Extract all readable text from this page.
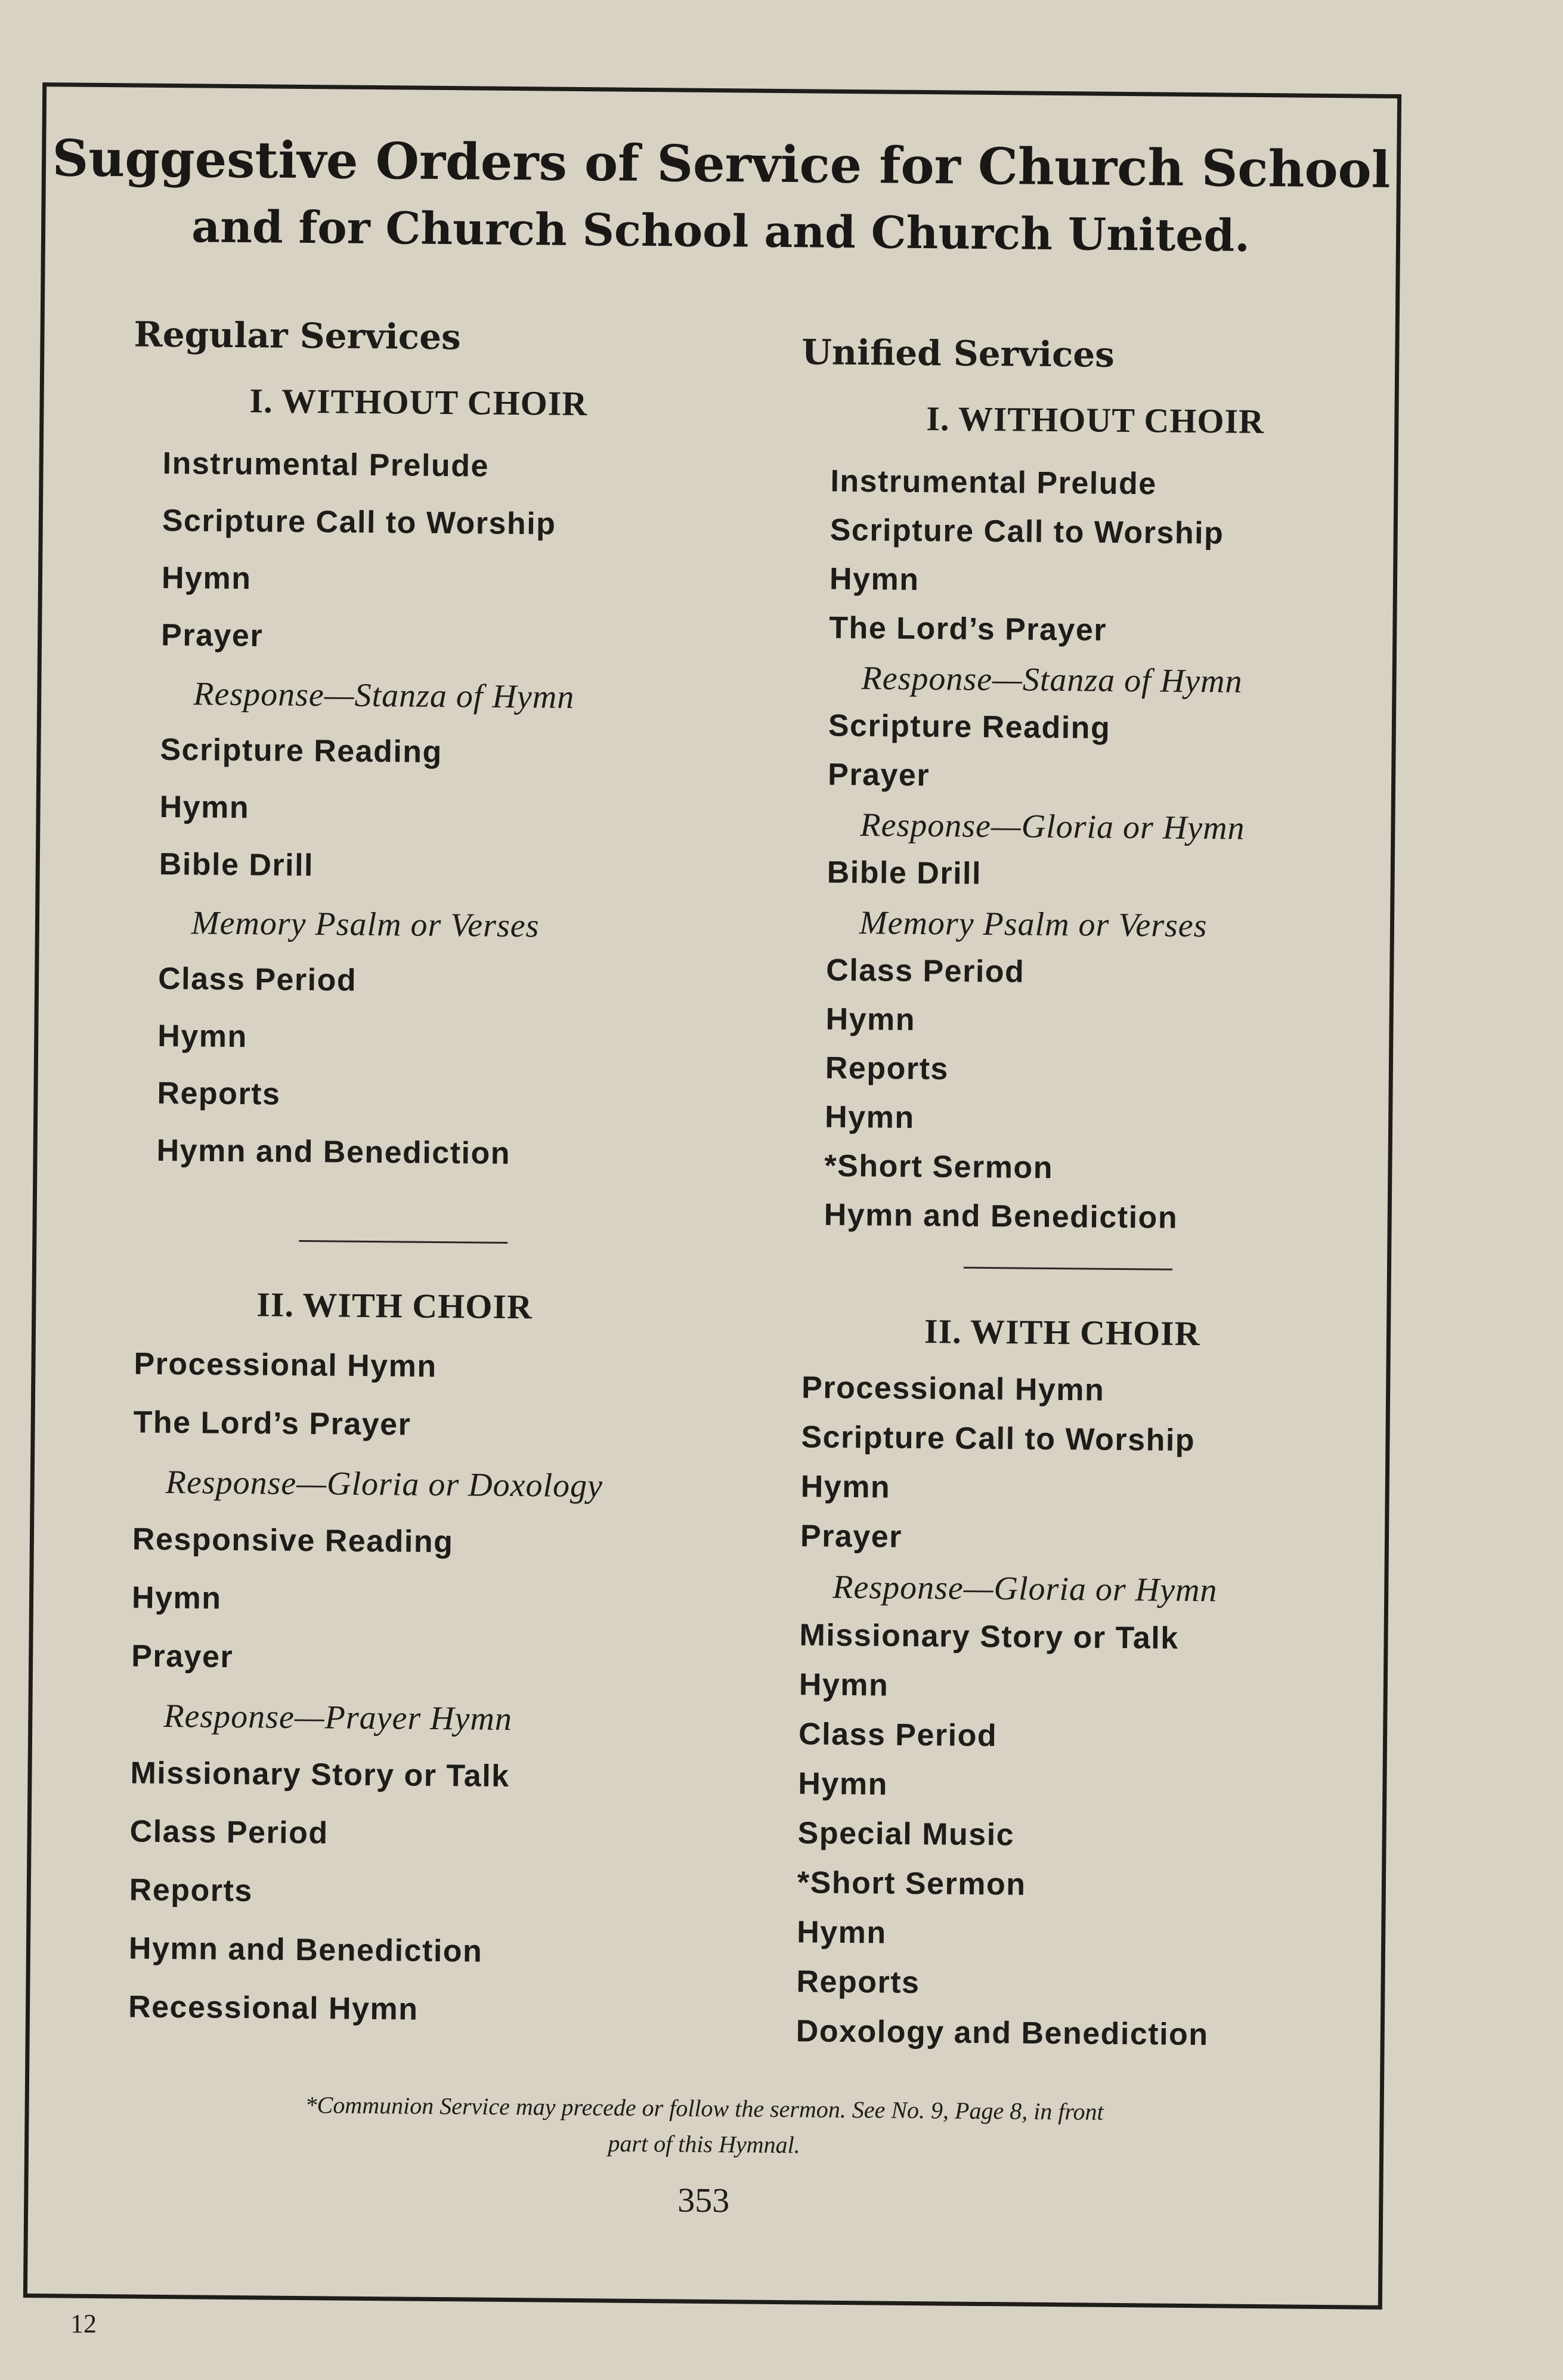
Suggestive Orders of Service for Church School
and for Church School and Church United.
Regular Services
I. WITHOUT CHOIR
Instrumental Prelude
Scripture Call to Worship
Hymn
Prayer
Response—Stanza of Hymn
Scripture Reading
Hymn
Bible Drill
Memory Psalm or Verses
Class Period
Hymn
Reports
Hymn and Benediction
II. WITH CHOIR
Processional Hymn
The Lord’s Prayer
Response—Gloria or Doxology
Responsive Reading
Hymn
Prayer
Response—Prayer Hymn
Missionary Story or Talk
Class Period
Reports
Hymn and Benediction
Recessional Hymn
Unified Services
I. WITHOUT CHOIR
Instrumental Prelude
Scripture Call to Worship
Hymn
The Lord’s Prayer
Response—Stanza of Hymn
Scripture Reading
Prayer
Response—Gloria or Hymn
Bible Drill
Memory Psalm or Verses
Class Period
Hymn
Reports
Hymn
*Short Sermon
Hymn and Benediction
II. WITH CHOIR
Processional Hymn
Scripture Call to Worship
Hymn
Prayer
Response—Gloria or Hymn
Missionary Story or Talk
Hymn
Class Period
Hymn
Special Music
*Short Sermon
Hymn
Reports
Doxology and Benediction

*Communion Service may precede or follow the sermon. See No. 9, Page 8, in front
part of this Hymnal.

353

12
